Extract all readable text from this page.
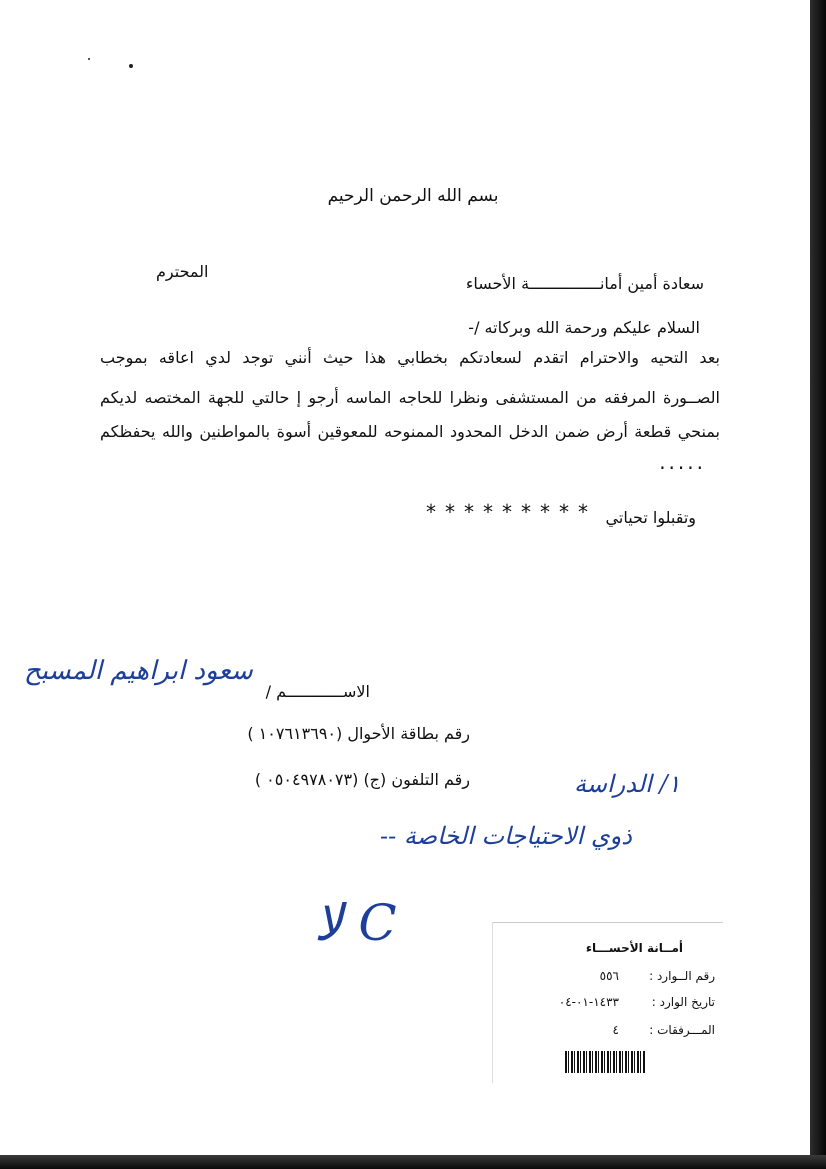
بسم الله الرحمن الرحيم
سعادة أمين أمانـــــــــــــــة الأحساء
المحترم
السلام عليكم ورحمة الله وبركاته /-
بعد التحيه والاحترام اتقدم لسعادتكم بخطابي هذا حيث أنني توجد لدي اعاقه بموجب
الصــورة المرفقه من المستشفى ونظرا للحاجه الماسه أرجو إ حالتي للجهة المختصه لديكم
بمنحي قطعة أرض ضمن الدخل المحدود الممنوحه للمعوقين أسوة بالمواطنين والله يحفظكم
.....
وتقبلوا تحياتي
*********
الاســــــــــــم /
سعود ابراهيم المسبح
رقم بطاقة الأحوال (١٠٧٦١٣٦٩٠ )
رقم التلفون (ج) (٠٥٠٤٩٧٨٠٧٣ )	١/ الدراسة
ذوي الاحتياجات الخاصة --
C ﻻ	أمــانة الأحســـاء
رقم الــوارد :
٥٥٦
تاريخ الوارد :
١٤٣٣-٠١-٠٤
المـــرفقات :
٤
